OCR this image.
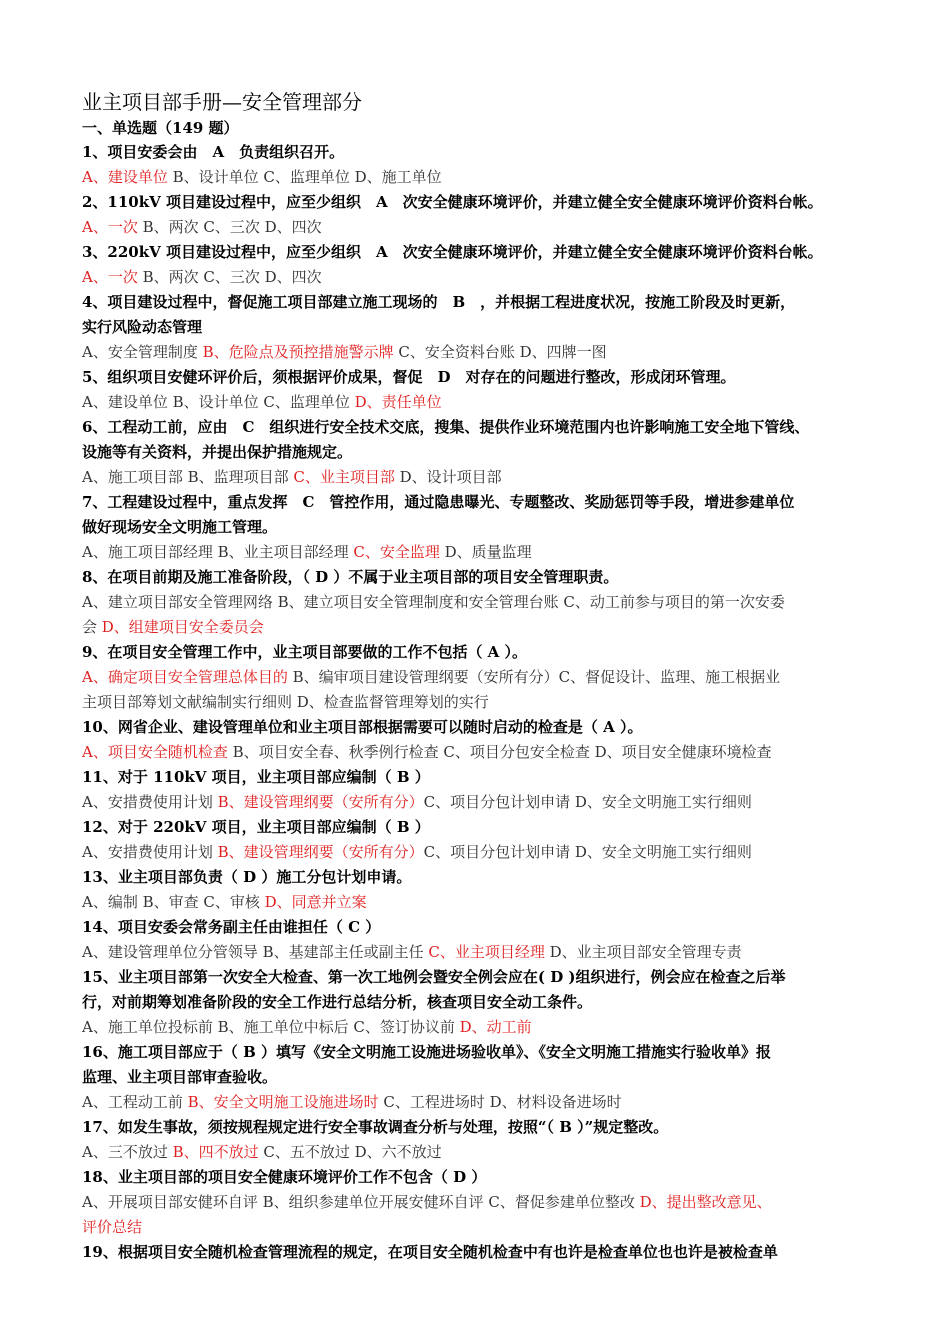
业主项目部手册—安全管理部分
一、单选题（149 题）
1、项目安委会由　A　负责组织召开。
A、建设单位 B、设计单位 C、监理单位 D、施工单位
2、110kV 项目建设过程中，应至少组织　A　次安全健康环境评价，并建立健全安全健康环境评价资料台帐。
A、一次 B、两次 C、三次 D、四次
3、220kV 项目建设过程中，应至少组织　A　次安全健康环境评价，并建立健全安全健康环境评价资料台帐。
A、一次 B、两次 C、三次 D、四次
4、项目建设过程中，督促施工项目部建立施工现场的　B　，并根据工程进度状况，按施工阶段及时更新，
实行风险动态管理
A、安全管理制度 B、危险点及预控措施警示牌 C、安全资料台账 D、四牌一图
5、组织项目安健环评价后，须根据评价成果，督促　D　对存在的问题进行整改，形成闭环管理。
A、建设单位 B、设计单位 C、监理单位 D、责任单位
6、工程动工前，应由　C　组织进行安全技术交底，搜集、提供作业环境范围内也许影响施工安全地下管线、
设施等有关资料，并提出保护措施规定。
A、施工项目部 B、监理项目部 C、业主项目部 D、设计项目部
7、工程建设过程中，重点发挥　C　管控作用，通过隐患曝光、专题整改、奖励惩罚等手段，增进参建单位
做好现场安全文明施工管理。
A、施工项目部经理 B、业主项目部经理 C、安全监理 D、质量监理
8、在项目前期及施工准备阶段，（ D ）不属于业主项目部的项目安全管理职责。
A、建立项目部安全管理网络 B、建立项目安全管理制度和安全管理台账 C、动工前参与项目的第一次安委
会 D、组建项目安全委员会
9、在项目安全管理工作中，业主项目部要做的工作不包括（ A ）。
A、确定项目安全管理总体目的 B、编审项目建设管理纲要（安所有分）C、督促设计、监理、施工根据业
主项目部筹划文献编制实行细则 D、检查监督管理筹划的实行
10、网省企业、建设管理单位和业主项目部根据需要可以随时启动的检查是（ A ）。
A、项目安全随机检查 B、项目安全春、秋季例行检查 C、项目分包安全检查 D、项目安全健康环境检查
11、对于 110kV 项目，业主项目部应编制（ B ）
A、安措费使用计划 B、建设管理纲要（安所有分）C、项目分包计划申请 D、安全文明施工实行细则
12、对于 220kV 项目，业主项目部应编制（ B ）
A、安措费使用计划 B、建设管理纲要（安所有分）C、项目分包计划申请 D、安全文明施工实行细则
13、业主项目部负责（ D ）施工分包计划申请。
A、编制 B、审查 C、审核 D、同意并立案
14、项目安委会常务副主任由谁担任（ C ）
A、建设管理单位分管领导 B、基建部主任或副主任 C、业主项目经理 D、业主项目部安全管理专责
15、业主项目部第一次安全大检查、第一次工地例会暨安全例会应在( D )组织进行，例会应在检查之后举
行，对前期筹划准备阶段的安全工作进行总结分析，核查项目安全动工条件。
A、施工单位投标前 B、施工单位中标后 C、签订协议前 D、动工前
16、施工项目部应于（ B ）填写《安全文明施工设施进场验收单》、《安全文明施工措施实行验收单》报
监理、业主项目部审查验收。
A、工程动工前 B、安全文明施工设施进场时 C、工程进场时 D、材料设备进场时
17、如发生事故，须按规程规定进行安全事故调查分析与处理，按照“（ B ）”规定整改。
A、三不放过 B、四不放过 C、五不放过 D、六不放过
18、业主项目部的项目安全健康环境评价工作不包含（ D ）
A、开展项目部安健环自评 B、组织参建单位开展安健环自评 C、督促参建单位整改 D、提出整改意见、
评价总结
19、根据项目安全随机检查管理流程的规定，在项目安全随机检查中有也许是检查单位也也许是被检查单
